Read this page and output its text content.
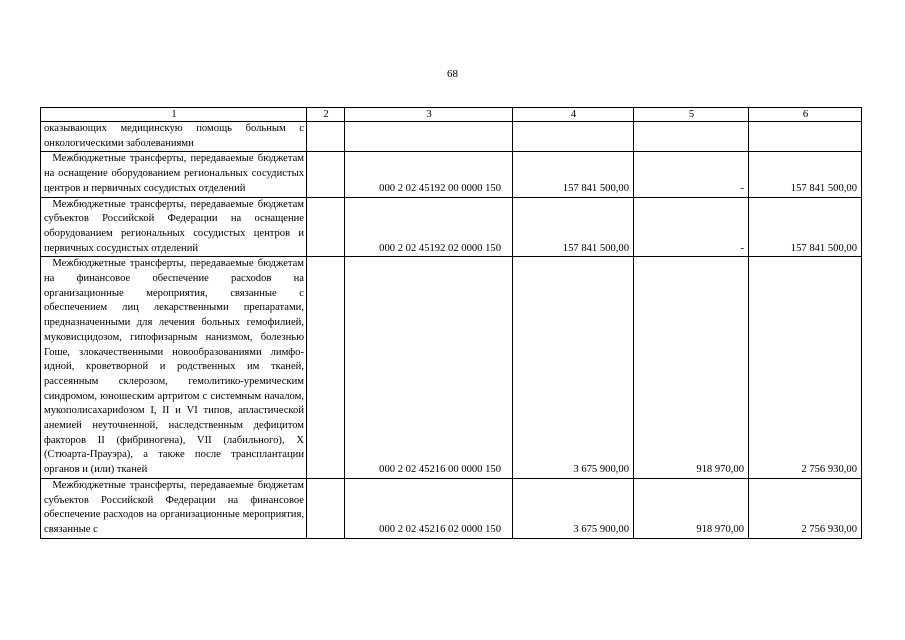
68
1	2	3	4	5	6
оказывающих медицинскую помощь больным с онкологическими заболеваниями					
Межбюджетные трансферты, передаваемые бюджетам на оснащение оборудованием региональных сосудистых центров и первичных сосудистых отделений		000 2 02 45192 00 0000 150	157 841 500,00	-	157 841 500,00
Межбюджетные трансферты, передаваемые бюджетам субъектов Российской Федерации на оснащение оборудованием региональных сосудистых центров и первичных сосудистых отделений		000 2 02 45192 02 0000 150	157 841 500,00	-	157 841 500,00
Межбюджетные трансферты, передаваемые бюджетам на финансовое обеспечение расхоdов на организационные мероприятия, связанные с обеспечением лиц лекарственными препаратами, предназначенными для лечения больных гемофилией, муковисцидозом, гипофизарным нанизмом, болезнью Гоше, злокачественными новообразованиями лимфоидной, кроветворной и родственных им тканей, рассеянным склерозом, гемолитико-уремическим синдромом, юношеским артритом с системным началом, мукополисахариdозом I, II и VI типов, апластической анемией неуточненной, наследственным дефицитом факторов II (фибриногена), VII (лабильного), X (Стюарта-Прауэра), а также после трансплантации органов и (или) тканей		000 2 02 45216 00 0000 150	3 675 900,00	918 970,00	2 756 930,00
Межбюджетные трансферты, передаваемые бюджетам субъектов Российской Федерации на финансовое обеспечение расходов на организационные мероприятия, связанные с		000 2 02 45216 02 0000 150	3 675 900,00	918 970,00	2 756 930,00
